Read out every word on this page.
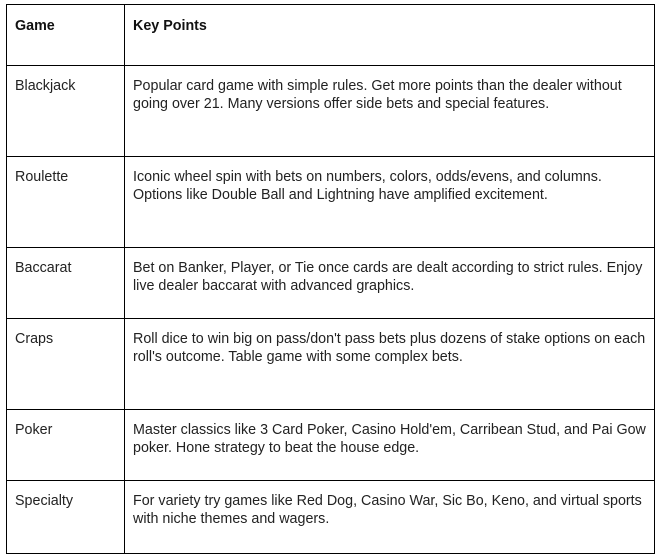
Game	Key Points
Blackjack	Popular card game with simple rules. Get more points than the dealer without going over 21. Many versions offer side bets and special features.
Roulette	Iconic wheel spin with bets on numbers, colors, odds/evens, and columns. Options like Double Ball and Lightning have amplified excitement.
Baccarat	Bet on Banker, Player, or Tie once cards are dealt according to strict rules. Enjoy live dealer baccarat with advanced graphics.
Craps	Roll dice to win big on pass/don't pass bets plus dozens of stake options on each roll's outcome. Table game with some complex bets.
Poker	Master classics like 3 Card Poker, Casino Hold'em, Carribean Stud, and Pai Gow poker. Hone strategy to beat the house edge.
Specialty	For variety try games like Red Dog, Casino War, Sic Bo, Keno, and virtual sports with niche themes and wagers.
